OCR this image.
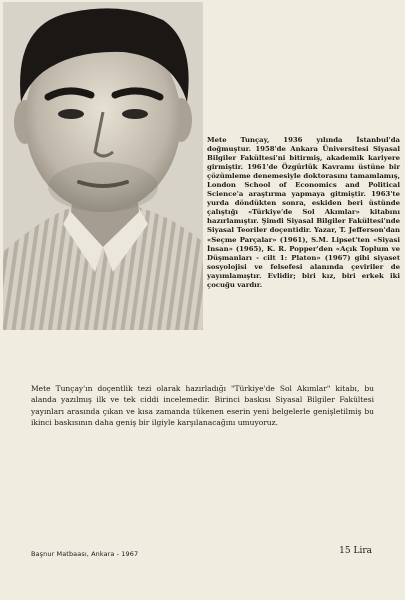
Mete Tunçay, 1936 yılında İstanbul'da doğmuştur. 1958'de Ankara Üniversitesi Siyasal Bilgiler Fakültesi'ni bitirmiş, akademik kariyere girmiştir. 1961'de Özgürlük Kavramı üstüne bir çözümleme denemesiyle doktorasını tamamlamış, London School of Economics and Political Science'a araştırma yapmaya gitmiştir. 1963'te yurda döndükten sonra, eskiden beri üstünde çalıştığı «Türkiye'de Sol Akımlar» kitabını hazırlamıştır. Şimdi Siyasal Bilgiler Fakültesi'nde Siyasal Teoriler doçentidir. Yazar, T. Jefferson'dan «Seçme Parçalar» (1961), S.M. Lipset'ten «Siyasi İnsan» (1965), K. R. Popper'den «Açık Toplum ve Düşmanları - cilt 1: Platon» (1967) gibi siyaset sosyolojisi ve felsefesi alanında çeviriler de yayımlamıştır. Evlidir; biri kız, biri erkek iki çocuğu vardır.

Mete Tunçay'ın doçentlik tezi olarak hazırladığı "Türkiye'de Sol Akımlar" kitabı, bu alanda yazılmış ilk ve tek ciddi incelemedir. Birinci baskısı Siyasal Bilgiler Fakültesi yayınları arasında çıkan ve kısa zamanda tükenen eserin yeni belgelerle genişletilmiş bu ikinci baskısının daha geniş bir ilgiyle karşılanacağını umuyoruz.

Başnur Matbaası, Ankara - 1967	15 Lira
